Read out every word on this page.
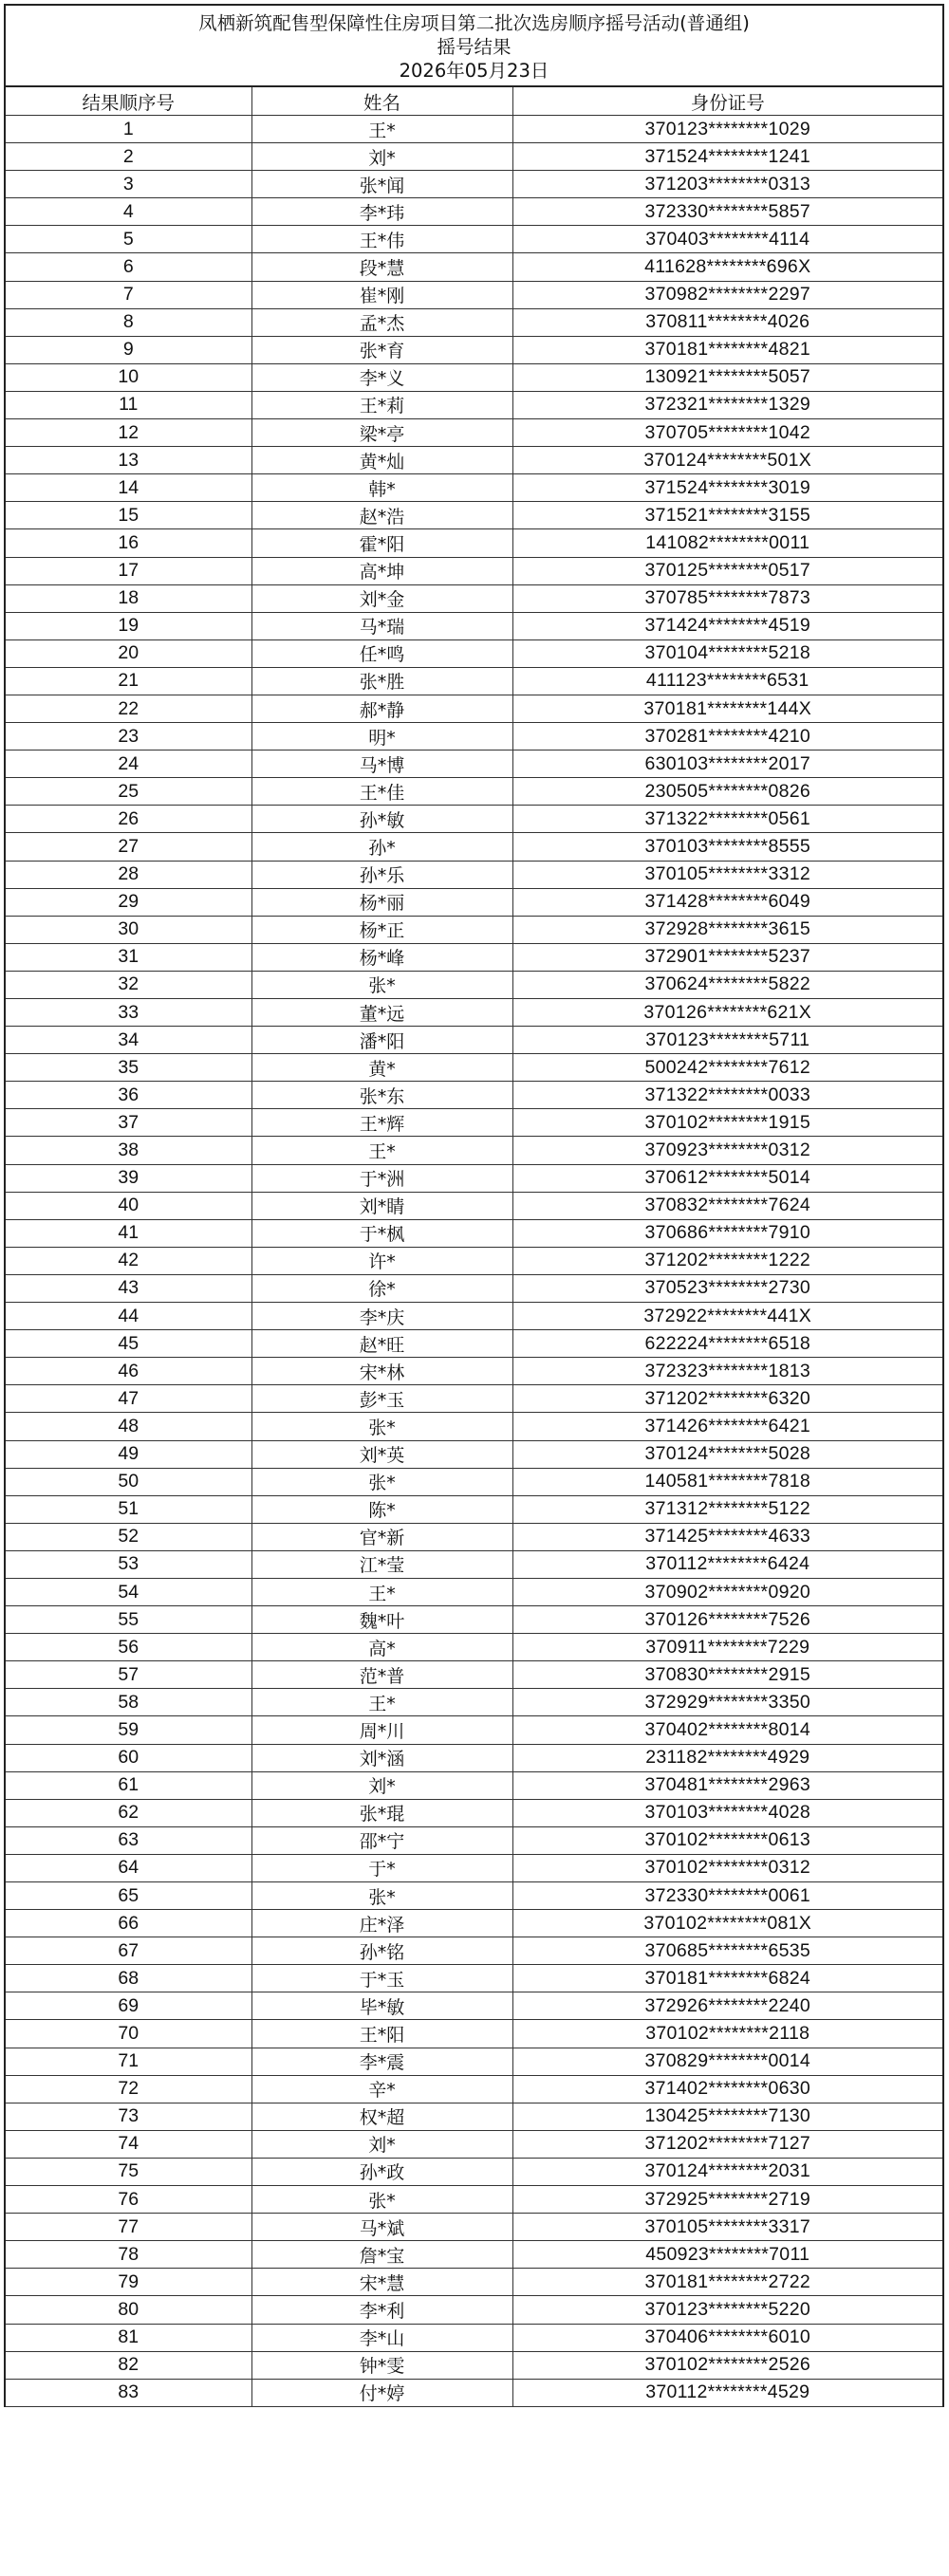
凤栖新筑配售型保障性住房项目第二批次选房顺序摇号活动(普通组)
摇号结果
2026年05月23日
结果顺序号	姓名	身份证号
1	王*	370123********1029
2	刘*	371524********1241
3	张*闻	371203********0313
4	李*玮	372330********5857
5	王*伟	370403********4114
6	段*慧	411628********696X
7	崔*刚	370982********2297
8	孟*杰	370811********4026
9	张*育	370181********4821
10	李*义	130921********5057
11	王*莉	372321********1329
12	梁*亭	370705********1042
13	黄*灿	370124********501X
14	韩*	371524********3019
15	赵*浩	371521********3155
16	霍*阳	141082********0011
17	高*坤	370125********0517
18	刘*金	370785********7873
19	马*瑞	371424********4519
20	任*鸣	370104********5218
21	张*胜	411123********6531
22	郝*静	370181********144X
23	明*	370281********4210
24	马*博	630103********2017
25	王*佳	230505********0826
26	孙*敏	371322********0561
27	孙*	370103********8555
28	孙*乐	370105********3312
29	杨*丽	371428********6049
30	杨*正	372928********3615
31	杨*峰	372901********5237
32	张*	370624********5822
33	董*远	370126********621X
34	潘*阳	370123********5711
35	黄*	500242********7612
36	张*东	371322********0033
37	王*辉	370102********1915
38	王*	370923********0312
39	于*洲	370612********5014
40	刘*睛	370832********7624
41	于*枫	370686********7910
42	许*	371202********1222
43	徐*	370523********2730
44	李*庆	372922********441X
45	赵*旺	622224********6518
46	宋*林	372323********1813
47	彭*玉	371202********6320
48	张*	371426********6421
49	刘*英	370124********5028
50	张*	140581********7818
51	陈*	371312********5122
52	官*新	371425********4633
53	江*莹	370112********6424
54	王*	370902********0920
55	魏*叶	370126********7526
56	高*	370911********7229
57	范*普	370830********2915
58	王*	372929********3350
59	周*川	370402********8014
60	刘*涵	231182********4929
61	刘*	370481********2963
62	张*琨	370103********4028
63	邵*宁	370102********0613
64	于*	370102********0312
65	张*	372330********0061
66	庄*泽	370102********081X
67	孙*铭	370685********6535
68	于*玉	370181********6824
69	毕*敏	372926********2240
70	王*阳	370102********2118
71	李*震	370829********0014
72	辛*	371402********0630
73	权*超	130425********7130
74	刘*	371202********7127
75	孙*政	370124********2031
76	张*	372925********2719
77	马*斌	370105********3317
78	詹*宝	450923********7011
79	宋*慧	370181********2722
80	李*利	370123********5220
81	李*山	370406********6010
82	钟*雯	370102********2526
83	付*婷	370112********4529
